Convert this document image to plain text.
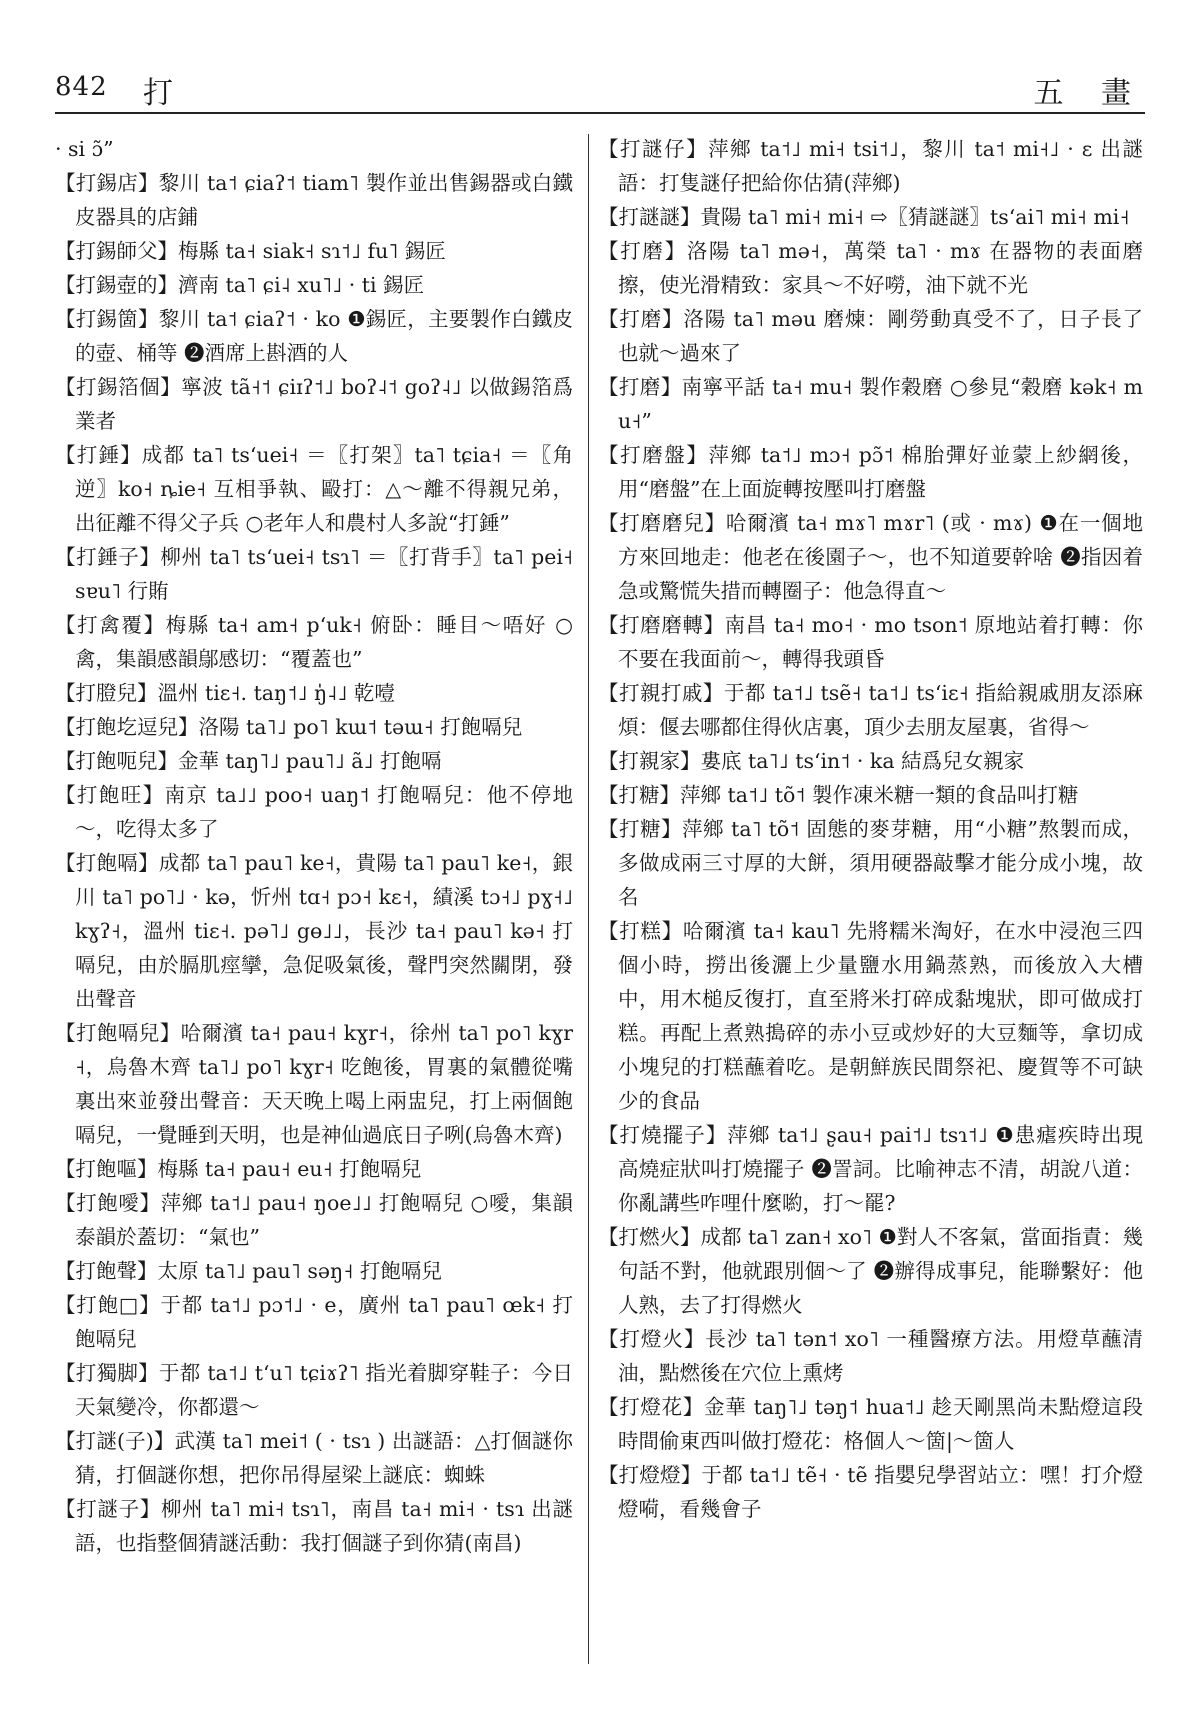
842 打	五 畫

· si ɔ̃”

【打錫店】黎川 ta˦ ɕiaʔ˦ tiam˥ 製作並出售錫器或白鐵皮器具的店鋪

【打錫師父】梅縣 ta˧ siak˧ sɿ˦˩ fu˥ 錫匠

【打錫壺的】濟南 ta˥ ɕi˨ xu˥˩ · ti 錫匠

【打錫箇】黎川 ta˦ ɕiaʔ˦ · ko ❶錫匠，主要製作白鐵皮的壺、桶等 ❷酒席上斟酒的人

【打錫箔個】寧波 tã˧˦ ɕiɪʔ˦˩ boʔ˨˦ goʔ˨˩ 以做錫箔爲業者

【打錘】成都 ta˥ tsʻuei˧ ＝〖打架〗ta˥ tɕia˧ ＝〖角逆〗ko˧ ȵie˧ 互相爭執、毆打：△～離不得親兄弟，出征離不得父子兵 ○老年人和農村人多說“打錘”

【打錘子】柳州 ta˥ tsʻuei˧ tsɿ˥ ＝〖打背手〗ta˥ pei˧ sɐu˥ 行賄

【打禽覆】梅縣 ta˧ am˧ pʻuk˧ 俯卧：睡目～唔好 ○禽，集韻感韻鄔感切：“覆蓋也”

【打膯兒】溫州 tiɛ˧. taŋ˦˩ ŋ̍˨˩ 乾噎

【打飽圪逗兒】洛陽 ta˥˩ po˥ kɯ˦ təɯ˧ 打飽嗝兒

【打飽呃兒】金華 taŋ˥˩ pau˥˩ ã˩ 打飽嗝

【打飽旺】南京 ta˩˩ poo˧ uaŋ˦ 打飽嗝兒：他不停地～，吃得太多了

【打飽嗝】成都 ta˥ pau˥ ke˧，貴陽 ta˥ pau˥ ke˧，銀川 ta˥ po˥˩ · kə，忻州 tɑ˧ pɔ˧ kɛ˧，績溪 tɔ˧˩ pɣ˧˩ kɣʔ˧，溫州 tiɛ˧. pə˥˩ gɵ˩˩，長沙 ta˧ pau˥ kə˧ 打嗝兒，由於膈肌痙攣，急促吸氣後，聲門突然關閉，發出聲音

【打飽嗝兒】哈爾濱 ta˧ pau˧ kɣr˧，徐州 ta˥ po˥ kɣr˧，烏魯木齊 ta˥˩ po˥ kɣr˧ 吃飽後，胃裏的氣體從嘴裏出來並發出聲音：天天晚上喝上兩盅兒，打上兩個飽嗝兒，一覺睡到天明，也是神仙過底日子咧(烏魯木齊)

【打飽嘔】梅縣 ta˧ pau˧ eu˧ 打飽嗝兒

【打飽噯】萍鄉 ta˦˩ pau˧ ŋoe˩˩ 打飽嗝兒 ○噯，集韻泰韻於蓋切：“氣也”

【打飽聲】太原 ta˥˩ pau˥ səŋ˧ 打飽嗝兒

【打飽□】于都 ta˦˩ pɔ˦˩ · e，廣州 ta˥ pau˥ œk˧ 打飽嗝兒

【打獨脚】于都 ta˦˩ tʻu˥ tɕiɤʔ˥ 指光着脚穿鞋子：今日天氣變冷，你都還～

【打謎(子)】武漢 ta˥ mei˦ ( · tsɿ ) 出謎語：△打個謎你猜，打個謎你想，把你吊得屋梁上謎底：蜘蛛

【打謎子】柳州 ta˥ mi˧ tsɿ˥，南昌 ta˧ mi˧ · tsɿ 出謎語，也指整個猜謎活動：我打個謎子到你猜(南昌)

【打謎仔】萍鄉 ta˦˩ mi˧ tsi˦˩，黎川 ta˦ mi˧˩ · ɛ 出謎語：打隻謎仔把給你估猜(萍鄉)

【打謎謎】貴陽 ta˥ mi˧ mi˧ ⇨〖猜謎謎〗tsʻai˥ mi˧ mi˧

【打磨】洛陽 ta˥ mə˧，萬榮 ta˥ · mɤ 在器物的表面磨擦，使光滑精致：家具～不好嘮，油下就不光

【打磨】洛陽 ta˥ məu 磨煉：剛勞動真受不了，日子長了也就～過來了

【打磨】南寧平話 ta˧ mu˧ 製作穀磨 ○參見“穀磨 kək˧ mu˧”

【打磨盤】萍鄉 ta˦˩ mɔ˧ pɔ̃˦ 棉胎彈好並蒙上紗網後，用“磨盤”在上面旋轉按壓叫打磨盤

【打磨磨兒】哈爾濱 ta˧ mɤ˥ mɤr˥ (或 · mɤ) ❶在一個地方來回地走：他老在後園子～，也不知道要幹啥 ❷指因着急或驚慌失措而轉圈子：他急得直～

【打磨磨轉】南昌 ta˧ mo˧ · mo tson˦ 原地站着打轉：你不要在我面前～，轉得我頭昏

【打親打戚】于都 ta˦˩ tsẽ˧ ta˦˩ tsʻiɛ˧ 指給親戚朋友添麻煩：偃去哪都住得伙店裏，頂少去朋友屋裏，省得～

【打親家】婁底 ta˥˩ tsʻin˦ · ka 結爲兒女親家

【打糖】萍鄉 ta˦˩ tõ˦ 製作凍米糖一類的食品叫打糖

【打糖】萍鄉 ta˥ tõ˦ 固態的麥芽糖，用“小糖”熬製而成，多做成兩三寸厚的大餅，須用硬器敲擊才能分成小塊，故名

【打糕】哈爾濱 ta˧ kau˥ 先將糯米淘好，在水中浸泡三四個小時，撈出後灑上少量鹽水用鍋蒸熟，而後放入大槽中，用木槌反復打，直至將米打碎成黏塊狀，即可做成打糕。再配上煮熟搗碎的赤小豆或炒好的大豆麵等，拿切成小塊兒的打糕蘸着吃。是朝鮮族民間祭祀、慶賀等不可缺少的食品

【打燒擺子】萍鄉 ta˦˩ ʂau˧ pai˦˩ tsɿ˦˩ ❶患瘧疾時出現高燒症狀叫打燒擺子 ❷詈詞。比喻神志不清，胡說八道：你亂講些咋哩什麼喲，打～罷?

【打燃火】成都 ta˥ zan˧ xo˥ ❶對人不客氣，當面指責：幾句話不對，他就跟別個～了 ❷辦得成事兒，能聯繫好：他人熟，去了打得燃火

【打燈火】長沙 ta˥ tən˦ xo˥ 一種醫療方法。用燈草蘸清油，點燃後在穴位上熏烤

【打燈花】金華 taŋ˥˩ təŋ˦ hua˦˩ 趁天剛黑尚未點燈這段時間偷東西叫做打燈花：格個人～箇|～箇人

【打燈燈】于都 ta˦˩ tẽ˧ · tẽ 指嬰兒學習站立：嘿！打介燈燈嗬，看幾會子
